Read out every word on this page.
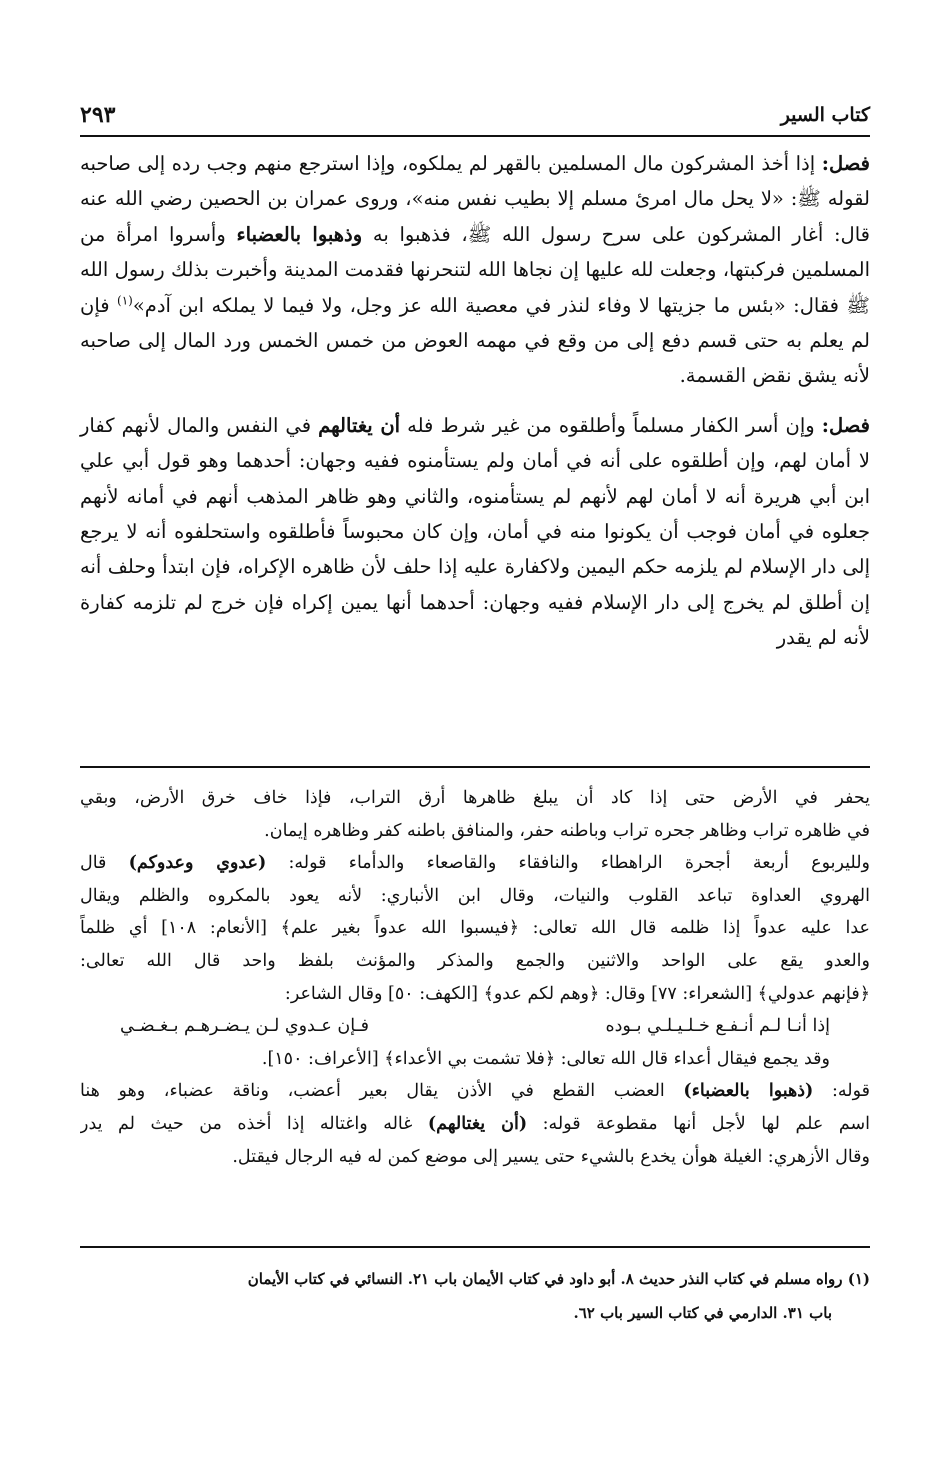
كتاب السير
٢٩٣

فصل: إذا أخذ المشركون مال المسلمين بالقهر لم يملكوه، وإذا استرجع منهم وجب رده إلى صاحبه لقوله ﷺ: «لا يحل مال امرئ مسلم إلا بطيب نفس منه»، وروى عمران بن الحصين رضي الله عنه قال: أغار المشركون على سرح رسول الله ﷺ، فذهبوا به وذهبوا بالعضباء وأسروا امرأة من المسلمين فركبتها، وجعلت لله عليها إن نجاها الله لتنحرنها فقدمت المدينة وأخبرت بذلك رسول الله ﷺ فقال: «بئس ما جزيتها لا وفاء لنذر في معصية الله عز وجل، ولا فيما لا يملكه ابن آدم»$^{(١)}$ فإن لم يعلم به حتى قسم دفع إلى من وقع في مهمه العوض من خمس الخمس ورد المال إلى صاحبه لأنه يشق نقض القسمة.

فصل: وإن أسر الكفار مسلماً وأطلقوه من غير شرط فله أن يغتالهم في النفس والمال لأنهم كفار لا أمان لهم، وإن أطلقوه على أنه في أمان ولم يستأمنوه ففيه وجهان: أحدهما وهو قول أبي علي ابن أبي هريرة أنه لا أمان لهم لأنهم لم يستأمنوه، والثاني وهو ظاهر المذهب أنهم في أمانه لأنهم جعلوه في أمان فوجب أن يكونوا منه في أمان، وإن كان محبوساً فأطلقوه واستحلفوه أنه لا يرجع إلى دار الإسلام لم يلزمه حكم اليمين ولاكفارة عليه إذا حلف لأن ظاهره الإكراه، فإن ابتدأ وحلف أنه إن أطلق لم يخرج إلى دار الإسلام ففيه وجهان: أحدهما أنها يمين إكراه فإن خرج لم تلزمه كفارة لأنه لم يقدر

يحفر في الأرض حتى إذا كاد أن يبلغ ظاهرها أرق التراب، فإذا خاف خرق الأرض، وبقي

في ظاهره تراب وظاهر جحره تراب وباطنه حفر، والمنافق باطنه كفر وظاهره إيمان.

ولليربوع أربعة أجحرة الراهطاء والنافقاء والقاصعاء والدأماء قوله: (عدوي وعدوكم) قال

الهروي العداوة تباعد القلوب والنيات، وقال ابن الأنباري: لأنه يعود بالمكروه والظلم ويقال

عدا عليه عدواً إذا ظلمه قال الله تعالى: ﴿فيسبوا الله عدواً بغير علم﴾ [الأنعام: ١٠٨] أي ظلماً

والعدو يقع على الواحد والاثنين والجمع والمذكر والمؤنث بلفظ واحد قال الله تعالى:

﴿فإنهم عدولي﴾ [الشعراء: ٧٧] وقال: ﴿وهم لكم عدو﴾ [الكهف: ٥٠] وقال الشاعر:

إذا أنـا لـم أنـفـع خـلـيـلـي بـوده
فـإن عـدوي لـن يـضـرهـم بـغـضـي

وقد يجمع فيقال أعداء قال الله تعالى: ﴿فلا تشمت بي الأعداء﴾ [الأعراف: ١٥٠].

قوله: (ذهبوا بالعضباء) العضب القطع في الأذن يقال بعير أعضب، وناقة عضباء، وهو هنا

اسم علم لها لأجل أنها مقطوعة قوله: (أن يغتالهم) غاله واغتاله إذا أخذه من حيث لم يدر

وقال الأزهري: الغيلة هوأن يخدع بالشيء حتى يسير إلى موضع كمن له فيه الرجال فيقتل.

(١) رواه مسلم في كتاب النذر حديث ٨. أبو داود في كتاب الأيمان باب ٢١. النسائي في كتاب الأيمان

باب ٣١. الدارمي في كتاب السير باب ٦٢.
